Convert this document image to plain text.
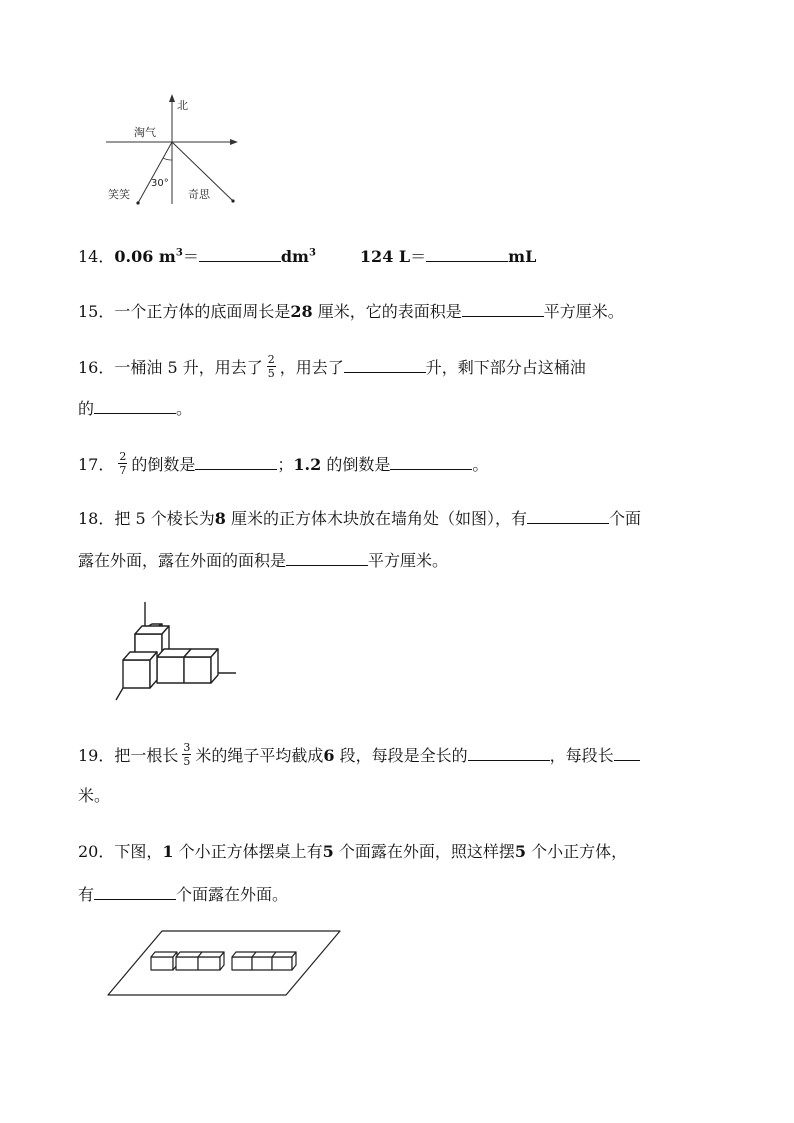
北
淘气
30°
笑笑	奇思
14．0.06 $m^3=$	$dm^3$	124 L＝	mL
15．一个正方体的底面周长是28 厘米，它的表面积是	平方厘米。
16．一桶油 5 升，用去了 $\frac{2}{5}$ ，用去了	升，剩下部分占这桶油
的	。
17． $\frac{2}{7}$ 的倒数是	；1.2 的倒数是	。
18．把 5 个棱长为8 厘米的正方体木块放在墙角处（如图），有	个面
露在外面，露在外面的面积是	平方厘米。
19．把一根长 $\frac{3}{5}$ 米的绳子平均截成6 段，每段是全长的	，每段长
米。
20．下图，1 个小正方体摆桌上有5 个面露在外面，照这样摆5 个小正方体，
有	个面露在外面。
